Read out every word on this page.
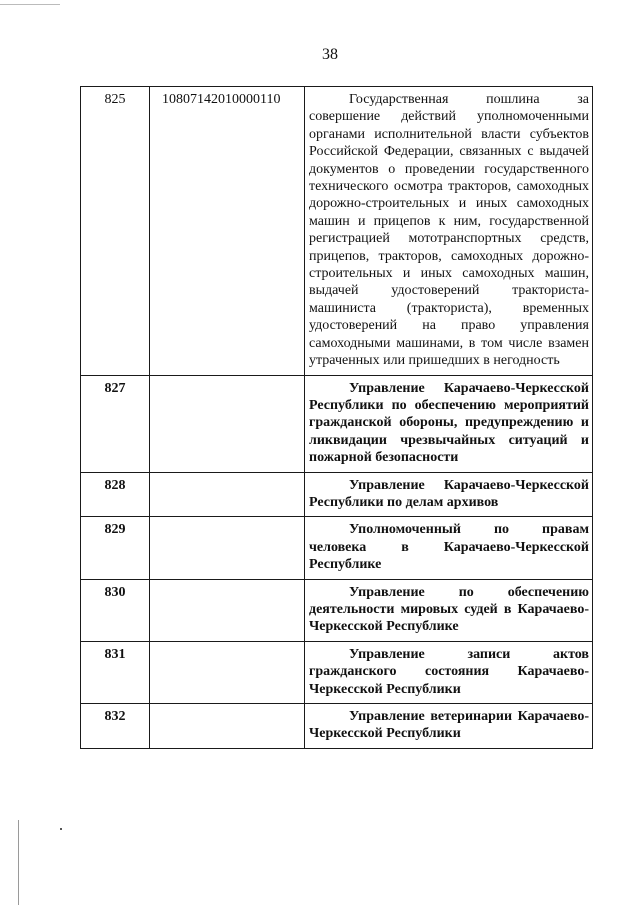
38
825	10807142010000110	Государственная пошлина за совершение действий уполномоченными органами исполнительной власти субъектов Российской Федерации, связанных с выдачей документов о проведении государственного технического осмотра тракторов, самоходных дорожно-строительных и иных самоходных машин и прицепов к ним, государственной регистрацией мототранспортных средств, прицепов, тракторов, самоходных дорожно-строительных и иных самоходных машин, выдачей удостоверений тракториста-машиниста (тракториста), временных удостоверений на право управления самоходными машинами, в том числе взамен утраченных или пришедших в негодность

827		Управление Карачаево-Черкесской Республики по обеспечению мероприятий гражданской обороны, предупреждению и ликвидации чрезвычайных ситуаций и пожарной безопасности

828		Управление Карачаево-Черкесской Республики по делам архивов

829		Уполномоченный по правам человека в Карачаево-Черкесской Республике

830		Управление по обеспечению деятельности мировых судей в Карачаево-Черкесской Республике

831		Управление записи актов гражданского состояния Карачаево-Черкесской Республики

832		Управление ветеринарии Карачаево-Черкесской Республики
